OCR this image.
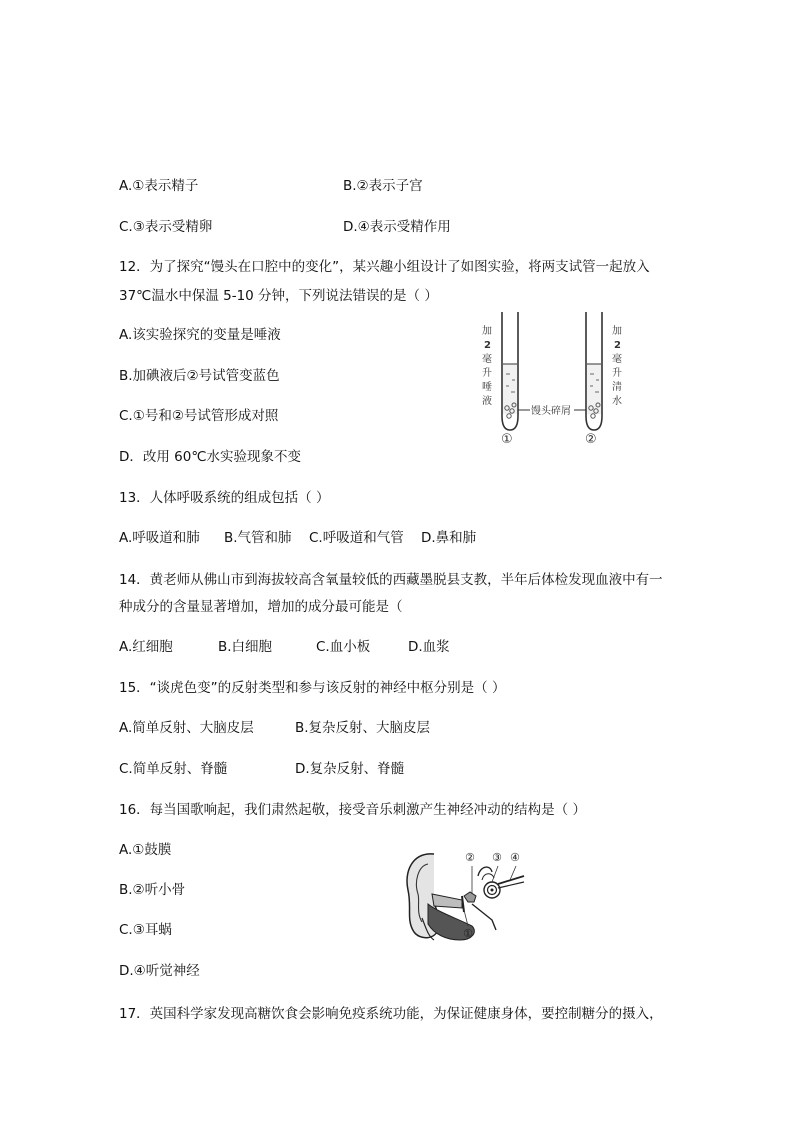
A.①表示精子	B.②表示子宫
C.③表示受精卵	D.④表示受精作用
12．为了探究“馒头在口腔中的变化”，某兴趣小组设计了如图实验，将两支试管一起放入
37℃温水中保温 5-10 分钟，下列说法错误的是（ ）
A.该实验探究的变量是唾液
B.加碘液后②号试管变蓝色
C.①号和②号试管形成对照
D．改用 60℃水实验现象不变
加
2
毫
升
唾
液
①
加
2
毫
升
清
水
②
馒头碎屑
13．人体呼吸系统的组成包括（ ）
A.呼吸道和肺 B.气管和肺 C.呼吸道和气管 D.鼻和肺
14．黄老师从佛山市到海拔较高含氧量较低的西藏墨脱县支教，半年后体检发现血液中有一
种成分的含量显著增加，增加的成分最可能是（
A.红细胞	B.白细胞	C.血小板	D.血浆
15．“谈虎色变”的反射类型和参与该反射的神经中枢分别是（ ）
A.简单反射、大脑皮层	B.复杂反射、大脑皮层
C.简单反射、脊髓	D.复杂反射、脊髓
16．每当国歌响起，我们肃然起敬，接受音乐刺激产生神经冲动的结构是（ ）
A.①鼓膜
B.②听小骨
C.③耳蜗
D.④听觉神经
② ③ ④
①
17．英国科学家发现高糖饮食会影响免疫系统功能，为保证健康身体，要控制糖分的摄入，
